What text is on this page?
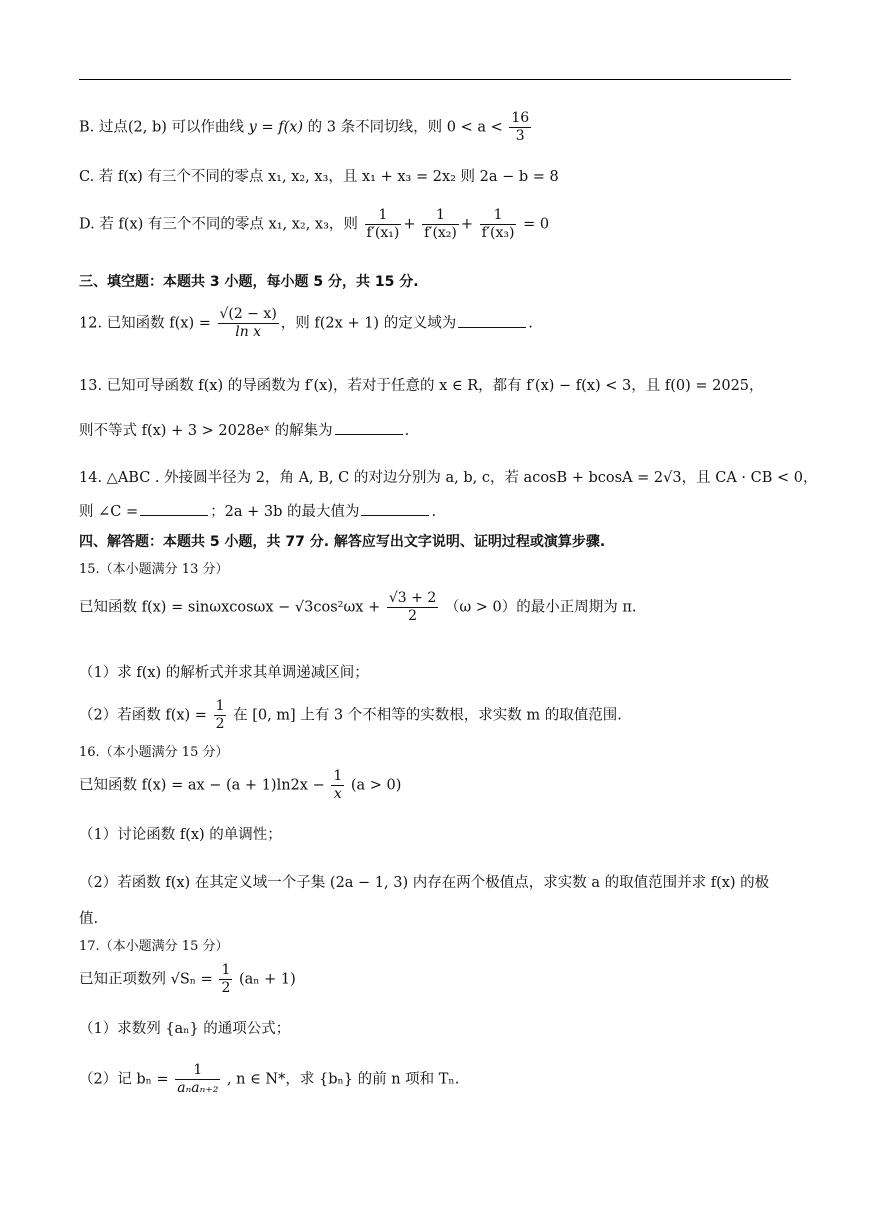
B. 过点(2, b) 可以作曲线 y = f(x) 的 3 条不同切线，则 $0 < a < \frac{16}{3}$
C. 若 f(x) 有三个不同的零点 x₁, x₂, x₃，且 x₁ + x₃ = 2x₂ 则 2a − b = 8
D. 若 f(x) 有三个不同的零点 x₁, x₂, x₃，则 $\frac{1}{\text{f′(x₁)}} + \frac{1}{\text{f′(x₂)}} + \frac{1}{\text{f′(x₃)}} = 0$
三、填空题：本题共 3 小题，每小题 5 分，共 15 分.
12. 已知函数 $f(x) = \frac{√(2 - x)}{\text{ln x}}$ ，则 f(2x + 1) 的定义域为	.
13. 已知可导函数 f(x) 的导函数为 f′(x)，若对于任意的 x ∈ R，都有 f′(x) − f(x) < 3，且 f(0) = 2025，
则不等式 f(x) + 3 > 2028eˣ 的解集为	.
14. △ABC . 外接圆半径为 2，角 A, B, C 的对边分别为 a, b, c，若 acosB + bcosA = 2√3，且 CA · CB < 0，
则 ∠C =	；2a + 3b 的最大值为	.
四、解答题：本题共 5 小题，共 77 分. 解答应写出文字说明、证明过程或演算步骤.
15.（本小题满分 13 分）
已知函数 $f(x) = \sin\omega xcos\omega x - √3\cos^2\omega x + \frac{√3 + 2}{2} (\omega > 0)$的最小正周期为 π.
（1）求 f(x) 的解析式并求其单调递减区间；
（2）若函数 $f(x) = \frac{1}{2}$ 在 [0, m] 上有 3 个不相等的实数根，求实数 m 的取值范围.
16.（本小题满分 15 分）
已知函数 f(x) = ax − $(a + 1)\ln 2x - \frac{1}{x} (a > 0)$
（1）讨论函数 f(x) 的单调性；
（2）若函数 f(x) 在其定义域一个子集 (2a − 1, 3) 内存在两个极值点，求实数 a 的取值范围并求 f(x) 的极
值.
17.（本小题满分 15 分）
已知正项数列 $√S_n = \frac{1}{2} (a_n + 1)$
（1）求数列 {aₙ} 的通项公式；
（2）记 $b_n = \frac{1}{\text{aₙaₙ₊₂}}$ , n ∈ N*，求 {bₙ} 的前 n 项和 Tₙ.
